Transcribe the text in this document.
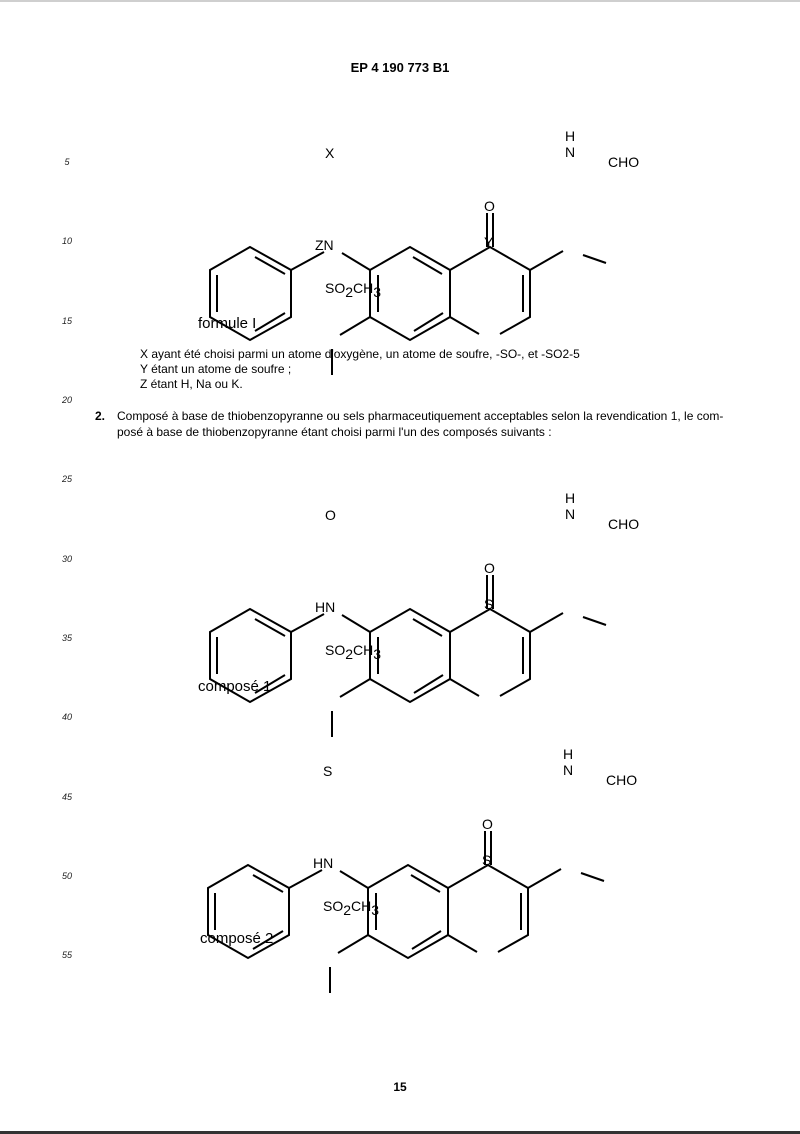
EP 4 190 773 B1
5
10
15
20
25
30
35
40
45
50
55
O
H
N
CHO
X
Y
ZN
SO2CH3
formule I
X ayant été choisi parmi un atome d'oxygène, un atome de soufre, -SO-, et -SO2-5
Y étant un atome de soufre ;
Z étant H, Na ou K.
2. Composé à base de thiobenzopyranne ou sels pharmaceutiquement acceptables selon la revendication 1, le com-posé à base de thiobenzopyranne étant choisi parmi l'un des composés suivants :
O
H
N
CHO
O
S
HN
SO2CH3
composé 1
O
H
N
CHO
S
S
HN
SO2CH3
composé 2
15
